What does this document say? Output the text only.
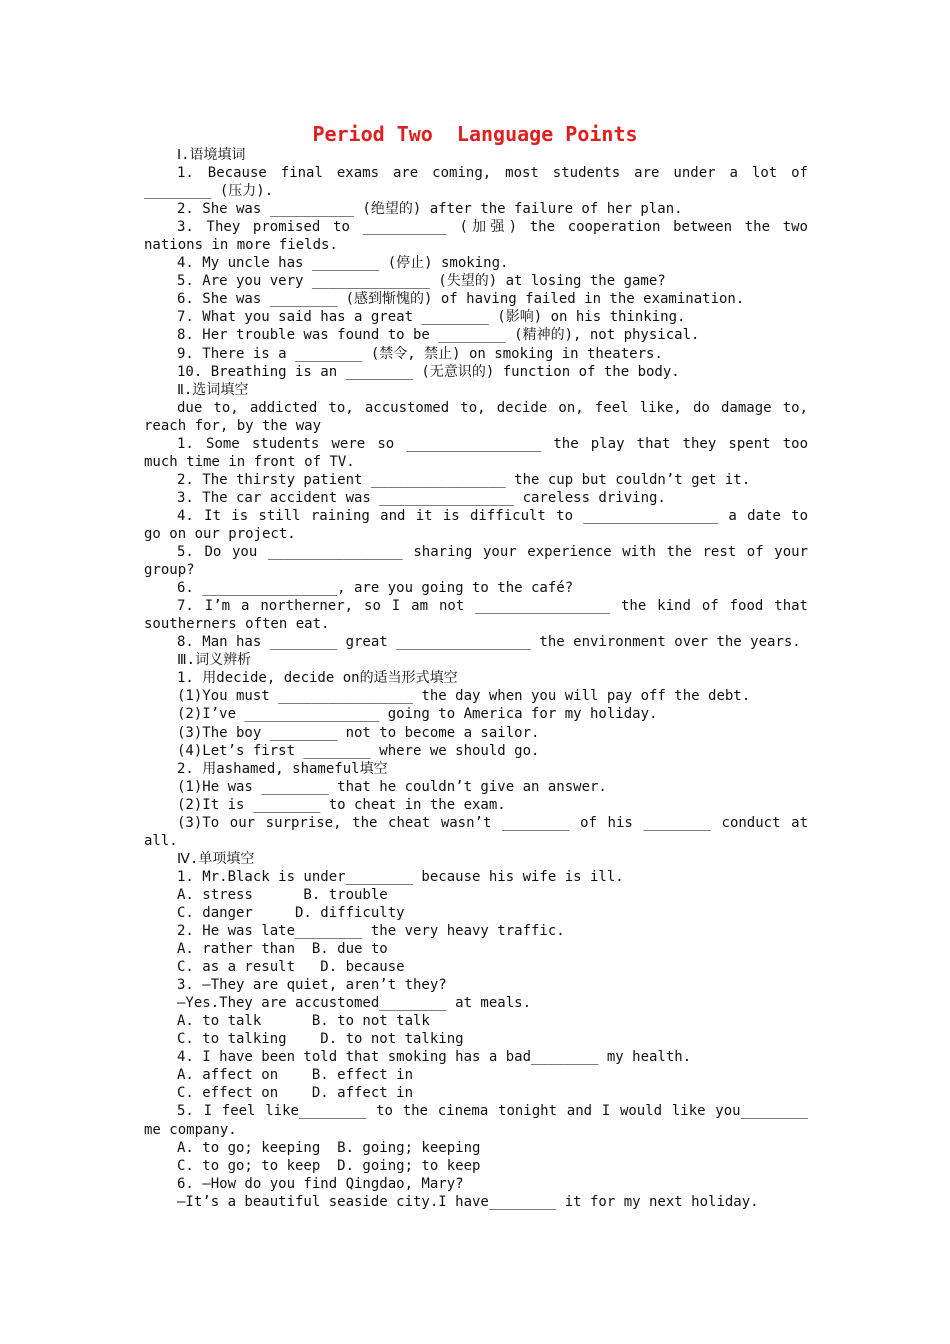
Period Two  Language Points

Ⅰ.语境填词

1. Because final exams are coming, most students are under a lot of ________ (压力).

2. She was __________ (绝望的) after the failure of her plan.

3. They promised to __________ (加强) the cooperation between the two nations in more fields.

4. My uncle has ________ (停止) smoking.

5. Are you very ______________ (失望的) at losing the game?

6. She was ________ (感到惭愧的) of having failed in the examination.

7. What you said has a great ________ (影响) on his thinking.

8. Her trouble was found to be ________ (精神的), not physical.

9. There is a ________ (禁令, 禁止) on smoking in theaters.

10. Breathing is an ________ (无意识的) function of the body.

Ⅱ.选词填空

due to, addicted to, accustomed to, decide on, feel like, do damage to, reach for, by the way

1. Some students were so ________________ the play that they spent too much time in front of TV.

2. The thirsty patient ________________ the cup but couldn’t get it.

3. The car accident was ________________ careless driving.

4. It is still raining and it is difficult to ________________ a date to go on our project.

5. Do you ________________ sharing your experience with the rest of your group?

6. ________________, are you going to the café?

7. I’m a northerner, so I am not ________________ the kind of food that southerners often eat.

8. Man has ________ great ________________ the environment over the years.

Ⅲ.词义辨析

1. 用decide, decide on的适当形式填空

(1)You must ________________ the day when you will pay off the debt.

(2)I’ve ________________ going to America for my holiday.

(3)The boy ________ not to become a sailor.

(4)Let’s first ________ where we should go.

2. 用ashamed, shameful填空

(1)He was ________ that he couldn’t give an answer.

(2)It is ________ to cheat in the exam.

(3)To our surprise, the cheat wasn’t ________ of his ________ conduct at all.

Ⅳ.单项填空

1. Mr.Black is under________ because his wife is ill.

A. stress      B. trouble

C. danger     D. difficulty

2. He was late________ the very heavy traffic.

A. rather than  B. due to

C. as a result   D. because

3. —They are quiet, aren’t they?

—Yes.They are accustomed________ at meals.

A. to talk      B. to not talk

C. to talking    D. to not talking

4. I have been told that smoking has a bad________ my health.

A. affect on    B. effect in

C. effect on    D. affect in

5. I feel like________ to the cinema tonight and I would like you________ me company.

A. to go; keeping  B. going; keeping

C. to go; to keep  D. going; to keep

6. —How do you find Qingdao, Mary?

—It’s a beautiful seaside city.I have________ it for my next holiday.
